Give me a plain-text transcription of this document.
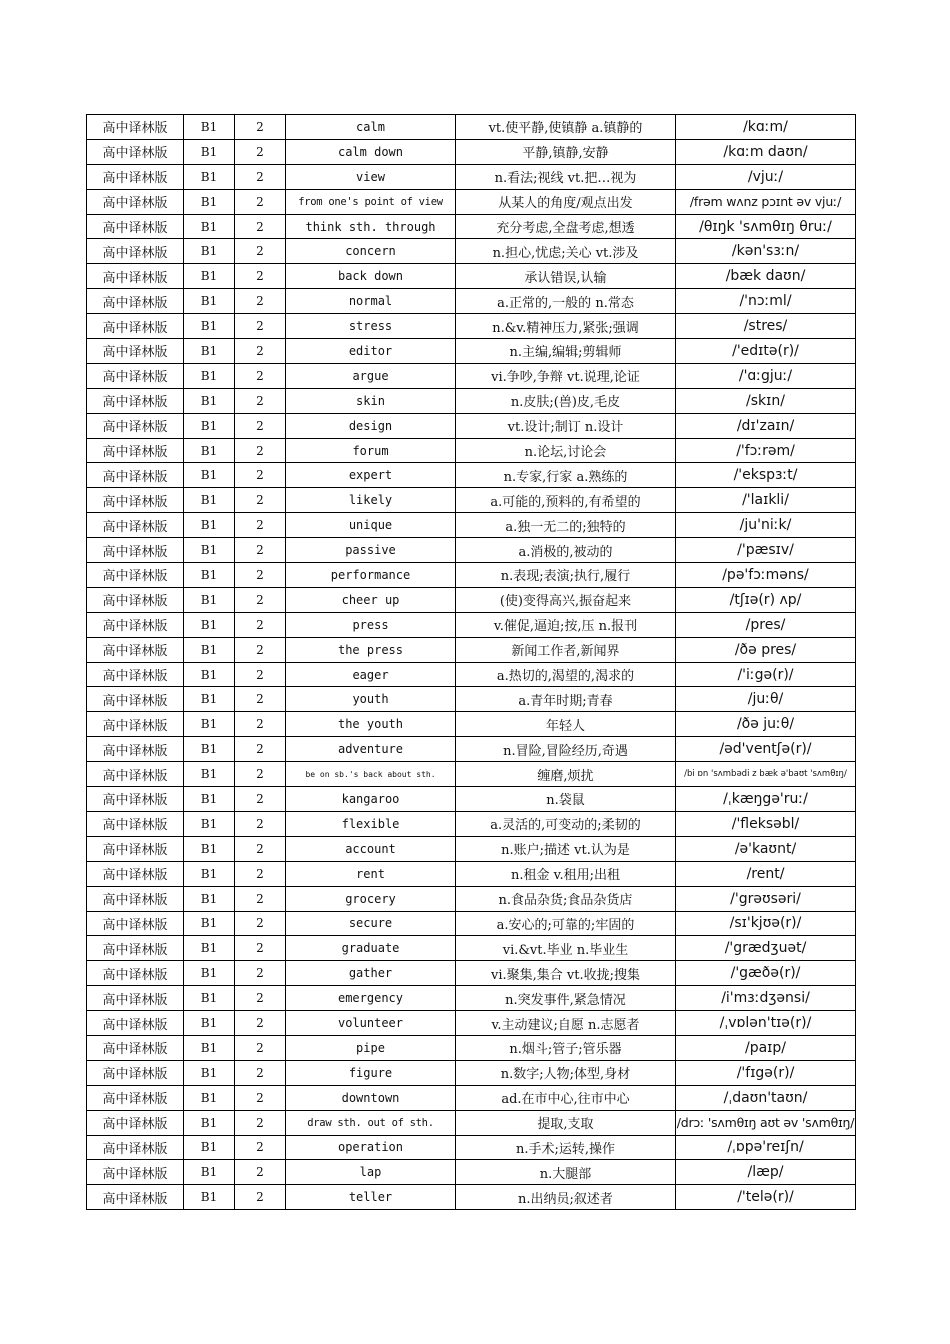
高中译林版	B1	2	calm	vt.使平静,使镇静 a.镇静的	/kɑːm/
高中译林版	B1	2	calm down	平静,镇静,安静	/kɑːm daʊn/
高中译林版	B1	2	view	n.看法;视线 vt.把…视为	/vjuː/
高中译林版	B1	2	from one's point of view	从某人的角度/观点出发	/frəm wʌnz pɔɪnt əv vjuː/
高中译林版	B1	2	think sth. through	充分考虑,全盘考虑,想透	/θɪŋk 'sʌmθɪŋ θruː/
高中译林版	B1	2	concern	n.担心,忧虑;关心 vt.涉及	/kən'sɜːn/
高中译林版	B1	2	back down	承认错误,认输	/bæk daʊn/
高中译林版	B1	2	normal	a.正常的,一般的 n.常态	/'nɔːml/
高中译林版	B1	2	stress	n.&v.精神压力,紧张;强调	/stres/
高中译林版	B1	2	editor	n.主编,编辑;剪辑师	/'edɪtə(r)/
高中译林版	B1	2	argue	vi.争吵,争辩 vt.说理,论证	/'ɑːgjuː/
高中译林版	B1	2	skin	n.皮肤;(兽)皮,毛皮	/skɪn/
高中译林版	B1	2	design	vt.设计;制订 n.设计	/dɪ'zaɪn/
高中译林版	B1	2	forum	n.论坛,讨论会	/'fɔːrəm/
高中译林版	B1	2	expert	n.专家,行家 a.熟练的	/'ekspɜːt/
高中译林版	B1	2	likely	a.可能的,预料的,有希望的	/'laɪkli/
高中译林版	B1	2	unique	a.独一无二的;独特的	/ju'niːk/
高中译林版	B1	2	passive	a.消极的,被动的	/'pæsɪv/
高中译林版	B1	2	performance	n.表现;表演;执行,履行	/pə'fɔːməns/
高中译林版	B1	2	cheer up	(使)变得高兴,振奋起来	/tʃɪə(r) ʌp/
高中译林版	B1	2	press	v.催促,逼迫;按,压 n.报刊	/pres/
高中译林版	B1	2	the press	新闻工作者,新闻界	/ðə pres/
高中译林版	B1	2	eager	a.热切的,渴望的,渴求的	/'iːgə(r)/
高中译林版	B1	2	youth	a.青年时期;青春	/juːθ/
高中译林版	B1	2	the youth	年轻人	/ðə juːθ/
高中译林版	B1	2	adventure	n.冒险,冒险经历,奇遇	/əd'ventʃə(r)/
高中译林版	B1	2	be on sb.'s back about sth.	缠磨,烦扰	/bi ɒn 'sʌmbədi z bæk ə'baʊt 'sʌmθɪŋ/
高中译林版	B1	2	kangaroo	n.袋鼠	/ˌkæŋgə'ruː/
高中译林版	B1	2	flexible	a.灵活的,可变动的;柔韧的	/'fleksəbl/
高中译林版	B1	2	account	n.账户;描述 vt.认为是	/ə'kaʊnt/
高中译林版	B1	2	rent	n.租金 v.租用;出租	/rent/
高中译林版	B1	2	grocery	n.食品杂货;食品杂货店	/'grəʊsəri/
高中译林版	B1	2	secure	a.安心的;可靠的;牢固的	/sɪ'kjʊə(r)/
高中译林版	B1	2	graduate	vi.&vt.毕业 n.毕业生	/'grædʒuət/
高中译林版	B1	2	gather	vi.聚集,集合 vt.收拢;搜集	/'gæðə(r)/
高中译林版	B1	2	emergency	n.突发事件,紧急情况	/i'mɜːdʒənsi/
高中译林版	B1	2	volunteer	v.主动建议;自愿 n.志愿者	/ˌvɒlən'tɪə(r)/
高中译林版	B1	2	pipe	n.烟斗;管子;管乐器	/paɪp/
高中译林版	B1	2	figure	n.数字;人物;体型,身材	/'fɪgə(r)/
高中译林版	B1	2	downtown	ad.在市中心,往市中心	/ˌdaʊn'taʊn/
高中译林版	B1	2	draw sth. out of sth.	提取,支取	/drɔː 'sʌmθɪŋ aʊt əv 'sʌmθɪŋ/
高中译林版	B1	2	operation	n.手术;运转,操作	/ˌɒpə'reɪʃn/
高中译林版	B1	2	lap	n.大腿部	/læp/
高中译林版	B1	2	teller	n.出纳员;叙述者	/'telə(r)/
